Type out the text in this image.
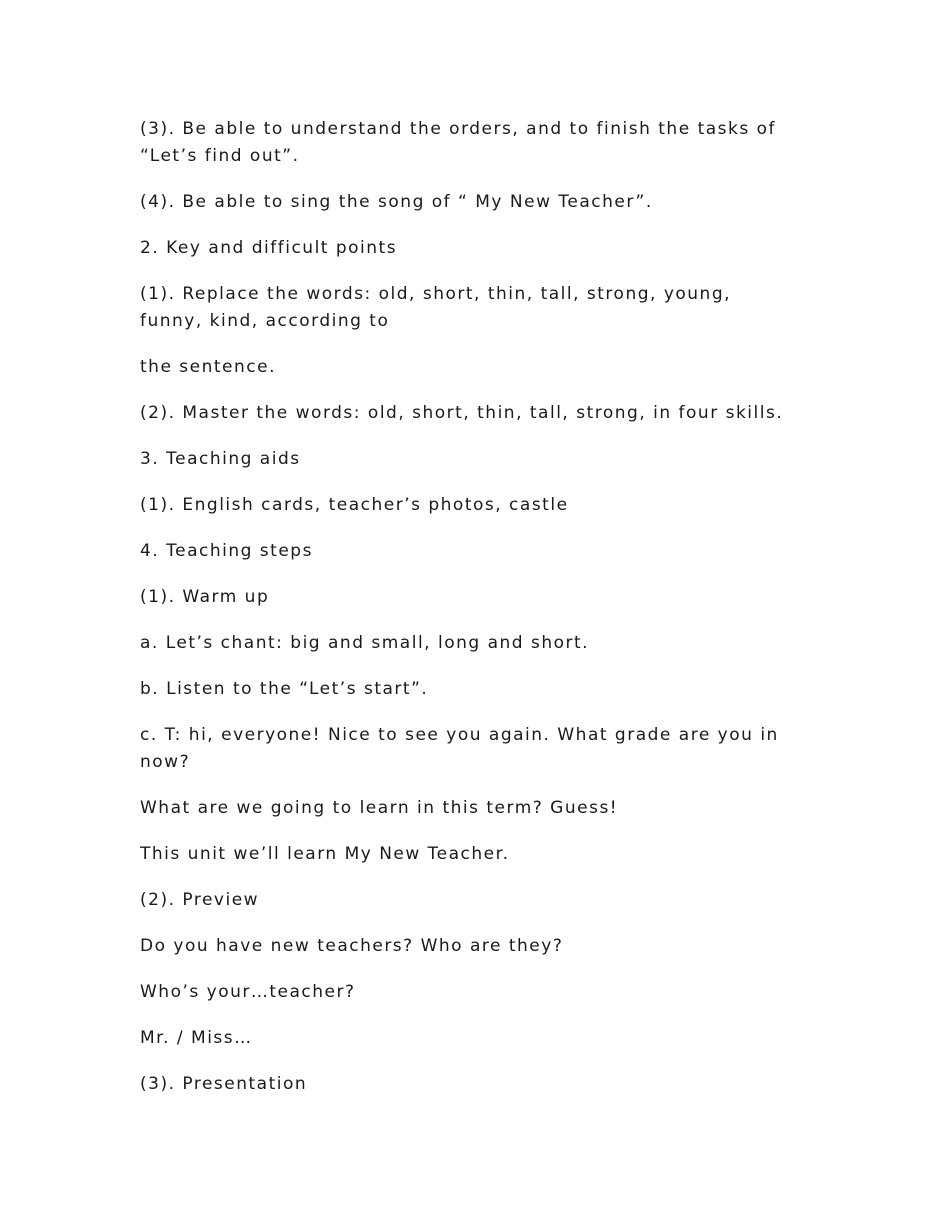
(3). Be able to understand the orders, and to finish the tasks of “Let’s find out”.

(4). Be able to sing the song of “ My New Teacher”.

2. Key and difficult points

(1). Replace the words: old, short, thin, tall, strong, young, funny, kind, according to

the sentence.

(2). Master the words: old, short, thin, tall, strong, in four skills.

3. Teaching aids

(1). English cards, teacher’s photos, castle

4. Teaching steps

(1). Warm up

a. Let’s chant: big and small, long and short.

b. Listen to the “Let’s start”.

c. T: hi, everyone! Nice to see you again. What grade are you in now?

What are we going to learn in this term? Guess!

This unit we’ll learn My New Teacher.

(2). Preview

Do you have new teachers? Who are they?

Who’s your…teacher?

Mr. / Miss…

(3). Presentation
